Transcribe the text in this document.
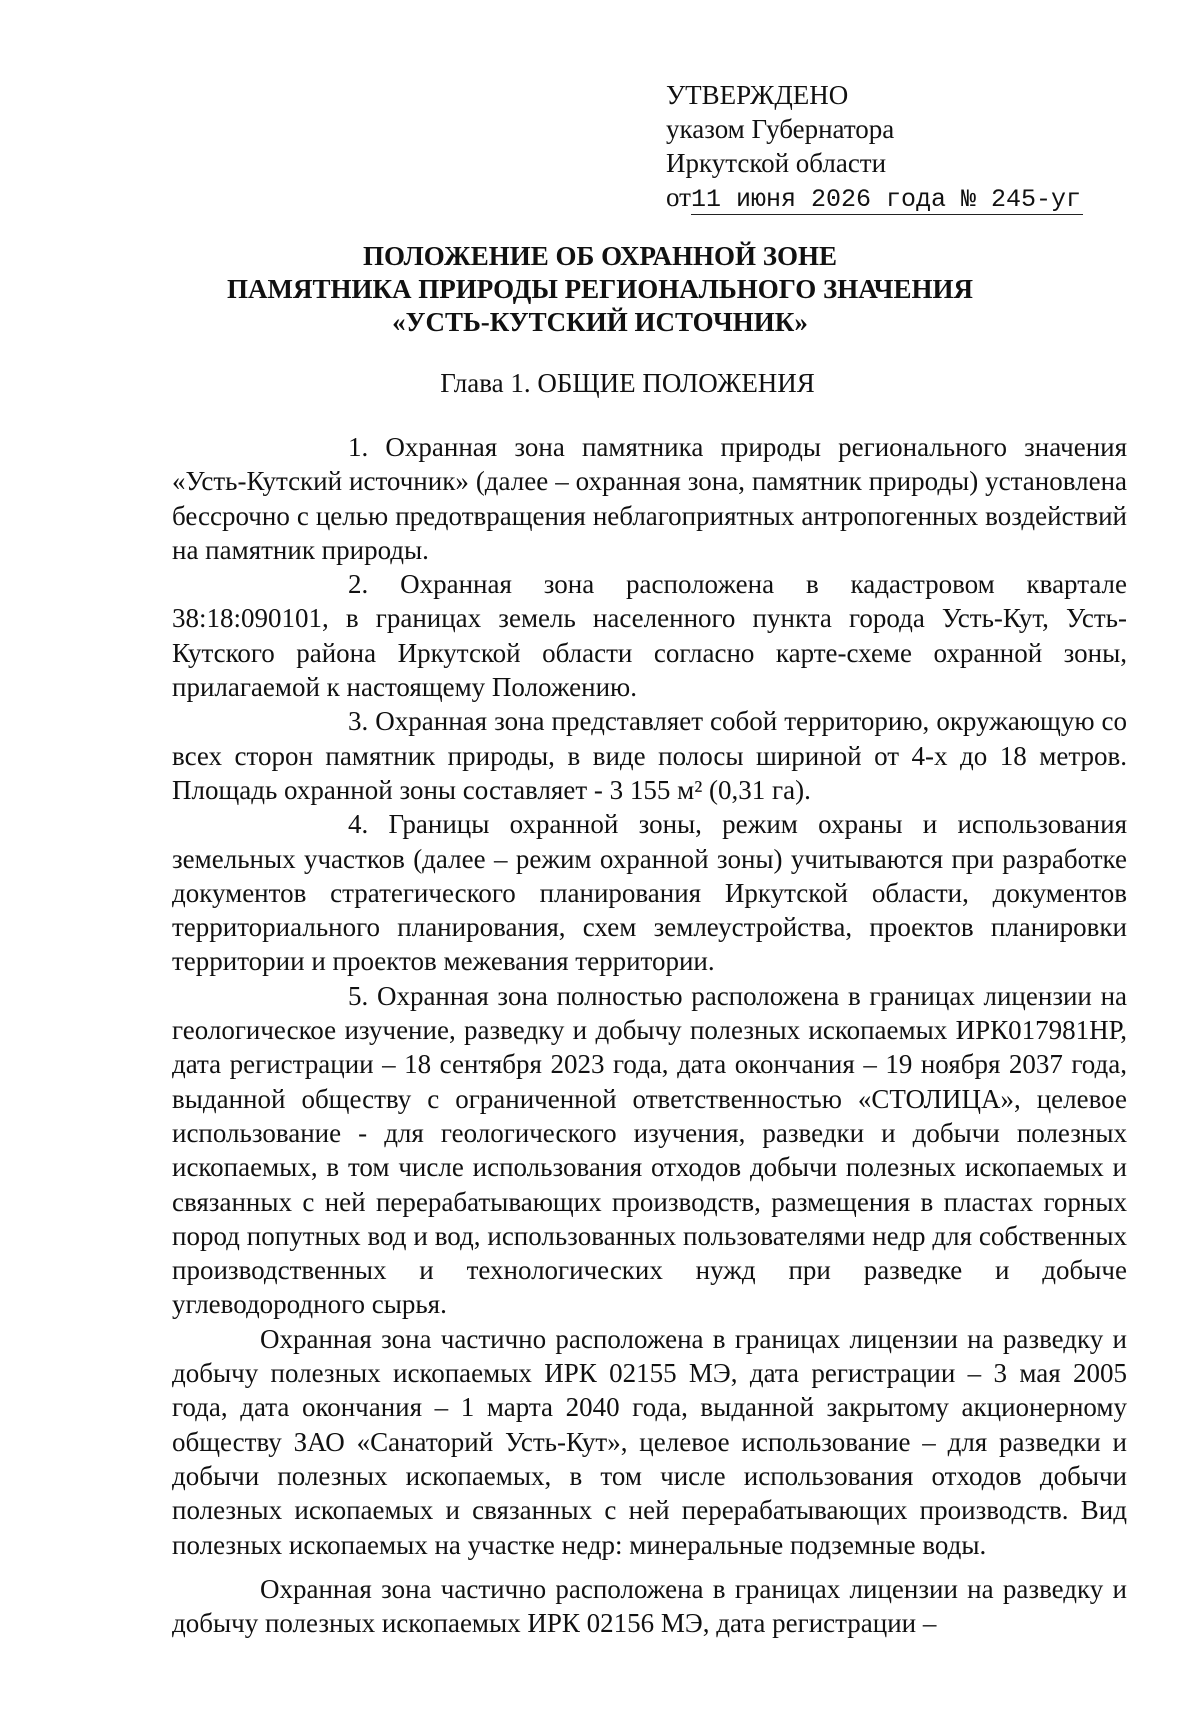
УТВЕРЖДЕНО
указом Губернатора
Иркутской области
от11 июня 2026 года № 245-уг
ПОЛОЖЕНИЕ ОБ ОХРАННОЙ ЗОНЕ
ПАМЯТНИКА ПРИРОДЫ РЕГИОНАЛЬНОГО ЗНАЧЕНИЯ
«УСТЬ-КУТСКИЙ ИСТОЧНИК»
Глава 1. ОБЩИЕ ПОЛОЖЕНИЯ

1. Охранная зона памятника природы регионального значения «Усть-Кутский источник» (далее – охранная зона, памятник природы) установлена бессрочно с целью предотвращения неблагоприятных антропогенных воздействий на памятник природы.

2. Охранная зона расположена в кадастровом квартале 38:18:090101, в границах земель населенного пункта города Усть-Кут, Усть-Кутского района Иркутской области согласно карте-схеме охранной зоны, прилагаемой к настоящему Положению.

3. Охранная зона представляет собой территорию, окружающую со всех сторон памятник природы, в виде полосы шириной от 4-х до 18 метров. Площадь охранной зоны составляет - 3 155 м² (0,31 га).

4. Границы охранной зоны, режим охраны и использования земельных участков (далее – режим охранной зоны) учитываются при разработке документов стратегического планирования Иркутской области, документов территориального планирования, схем землеустройства, проектов планировки территории и проектов межевания территории.

5. Охранная зона полностью расположена в границах лицензии на геологическое изучение, разведку и добычу полезных ископаемых ИРК017981НР, дата регистрации – 18 сентября 2023 года, дата окончания – 19 ноября 2037 года, выданной обществу с ограниченной ответственностью «СТОЛИЦА», целевое использование - для геологического изучения, разведки и добычи полезных ископаемых, в том числе использования отходов добычи полезных ископаемых и связанных с ней перерабатывающих производств, размещения в пластах горных пород попутных вод и вод, использованных пользователями недр для собственных производственных и технологических нужд при разведке и добыче углеводородного сырья.

Охранная зона частично расположена в границах лицензии на разведку и добычу полезных ископаемых ИРК 02155 МЭ, дата регистрации – 3 мая 2005 года, дата окончания – 1 марта 2040 года, выданной закрытому акционерному обществу ЗАО «Санаторий Усть-Кут», целевое использование – для разведки и добычи полезных ископаемых, в том числе использования отходов добычи полезных ископаемых и связанных с ней перерабатывающих производств. Вид полезных ископаемых на участке недр: минеральные подземные воды.

Охранная зона частично расположена в границах лицензии на разведку и добычу полезных ископаемых ИРК 02156 МЭ, дата регистрации –
